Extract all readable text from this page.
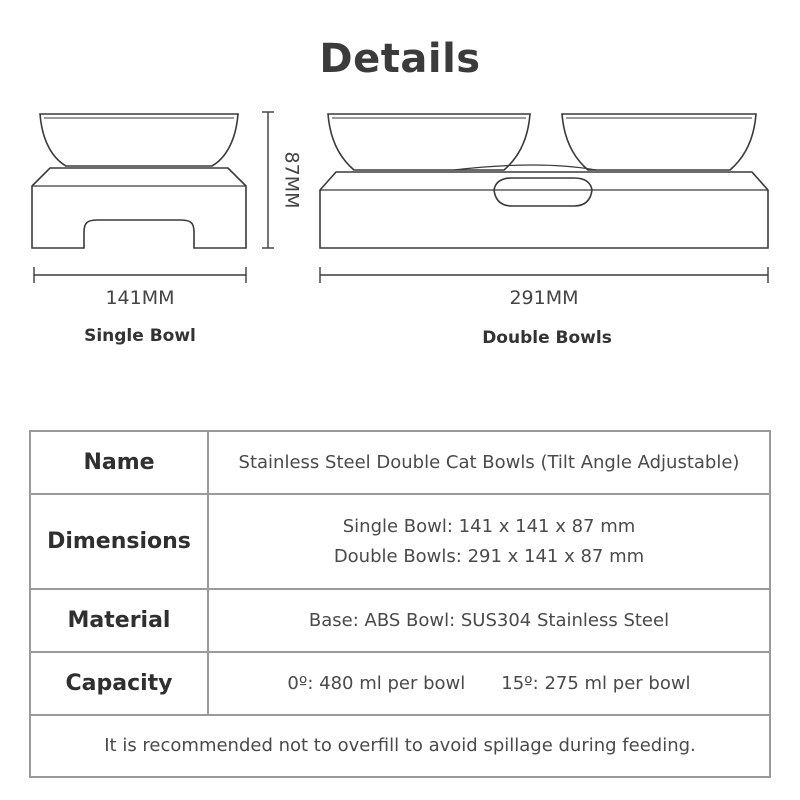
Details
87MM
141MM	291MM
Single Bowl	Double Bowls
Name	Stainless Steel Double Cat Bowls (Tilt Angle Adjustable)
Dimensions	Single Bowl: 141 x 141 x 87 mm
Double Bowls: 291 x 141 x 87 mm

Material	Base: ABS Bowl: SUS304 Stainless Steel
Capacity	0º: 480 ml per bowl 15º: 275 ml per bowl
It is recommended not to overfill to avoid spillage during feeding.	
